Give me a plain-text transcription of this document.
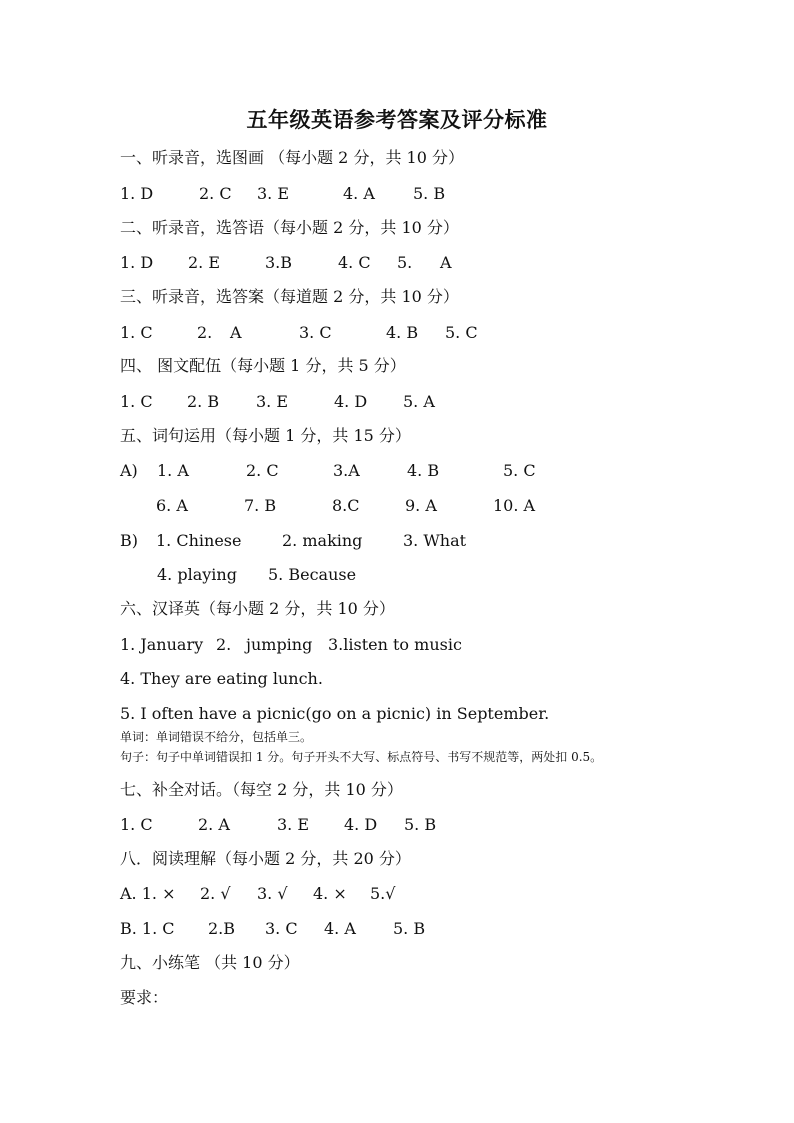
五年级英语参考答案及评分标准
一、听录音，选图画 （每小题 2 分，共 10 分）
1. D	2. C 3. E	4. A 5. B
二、听录音，选答语（每小题 2 分，共 10 分）
1. D 2. E	3.B	4. C 5. A
三、听录音，选答案（每道题 2 分，共 10 分）
1. C	2. A	3. C	4. B 5. C
四、 图文配伍（每小题 1 分，共 5 分）
1. C 2. B 3. E	4. D 5. A
五、词句运用（每小题 1 分，共 15 分）
A) 1. A	2. C	3.A	4. B	5. C
6. A	7. B	8.C	9. A	10. A
B) 1. Chinese	2. making	3. What
4. playing 5. Because
六、汉译英（每小题 2 分，共 10 分）
1. January 2. jumping 3.listen to music
4. They are eating lunch.
5. I often have a picnic(go on a picnic) in September.
单词：单词错误不给分，包括单三。
句子：句子中单词错误扣 1 分。句子开头不大写、标点符号、书写不规范等，两处扣 0.5。
七、补全对话。（每空 2 分，共 10 分）
1. C	2. A	3. E 4. D 5. B
八．阅读理解（每小题 2 分，共 20 分）
A. 1. × 2. √ 3. √ 4. × 5.√
B. 1. C 2.B 3. C 4. A 5. B
九、小练笔 （共 10 分）
要求：
